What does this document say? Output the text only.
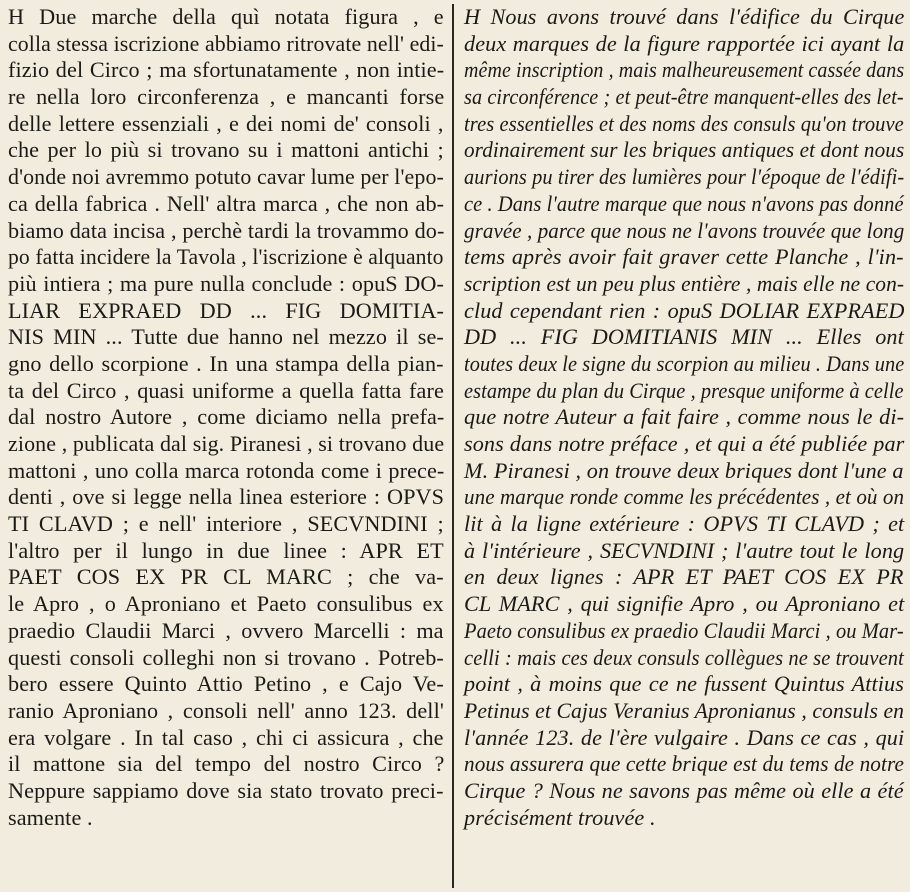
H Due marche della quì notata figura , e
colla stessa iscrizione abbiamo ritrovate nell' edi-
fizio del Circo ; ma sfortunatamente , non intie-
re nella loro circonferenza , e mancanti forse
delle lettere essenziali , e dei nomi de' consoli ,
che per lo più si trovano su i mattoni antichi ;
d'onde noi avremmo potuto cavar lume per l'epo-
ca della fabrica . Nell' altra marca , che non ab-
biamo data incisa , perchè tardi la trovammo do-
po fatta incidere la Tavola , l'iscrizione è alquanto
più intiera ; ma pure nulla conclude : opuS DO-
LIAR EXPRAED DD ... FIG DOMITIA-
NIS MIN ... Tutte due hanno nel mezzo il se-
gno dello scorpione . In una stampa della pian-
ta del Circo , quasi uniforme a quella fatta fare
dal nostro Autore , come diciamo nella prefa-
zione , publicata dal sig. Piranesi , si trovano due
mattoni , uno colla marca rotonda come i prece-
denti , ove si legge nella linea esteriore : OPVS
TI CLAVD ; e nell' interiore , SECVNDINI ;
l'altro per il lungo in due linee : APR ET
PAET COS EX PR CL MARC ; che va-
le Apro , o Aproniano et Paeto consulibus ex
praedio Claudii Marci , ovvero Marcelli : ma
questi consoli colleghi non si trovano . Potreb-
bero essere Quinto Attio Petino , e Cajo Ve-
ranio Aproniano , consoli nell' anno 123. dell'
era volgare . In tal caso , chi ci assicura , che
il mattone sia del tempo del nostro Circo ?
Neppure sappiamo dove sia stato trovato preci-
samente .
H Nous avons trouvé dans l'édifice du Cirque
deux marques de la figure rapportée ici ayant la
même inscription , mais malheureusement cassée dans
sa circonférence ; et peut-être manquent-elles des let-
tres essentielles et des noms des consuls qu'on trouve
ordinairement sur les briques antiques et dont nous
aurions pu tirer des lumières pour l'époque de l'édifi-
ce . Dans l'autre marque que nous n'avons pas donné
gravée , parce que nous ne l'avons trouvée que long
tems après avoir fait graver cette Planche , l'in-
scription est un peu plus entière , mais elle ne con-
clud cependant rien : opuS DOLIAR EXPRAED
DD ... FIG DOMITIANIS MIN ... Elles ont
toutes deux le signe du scorpion au milieu . Dans une
estampe du plan du Cirque , presque uniforme à celle
que notre Auteur a fait faire , comme nous le di-
sons dans notre préface , et qui a été publiée par
M. Piranesi , on trouve deux briques dont l'une a
une marque ronde comme les précédentes , et où on
lit à la ligne extérieure : OPVS TI CLAVD ; et
à l'intérieure , SECVNDINI ; l'autre tout le long
en deux lignes : APR ET PAET COS EX PR
CL MARC , qui signifie Apro , ou Aproniano et
Paeto consulibus ex praedio Claudii Marci , ou Mar-
celli : mais ces deux consuls collègues ne se trouvent
point , à moins que ce ne fussent Quintus Attius
Petinus et Cajus Veranius Apronianus , consuls en
l'année 123. de l'ère vulgaire . Dans ce cas , qui
nous assurera que cette brique est du tems de notre
Cirque ? Nous ne savons pas même où elle a été
précisément trouvée .
